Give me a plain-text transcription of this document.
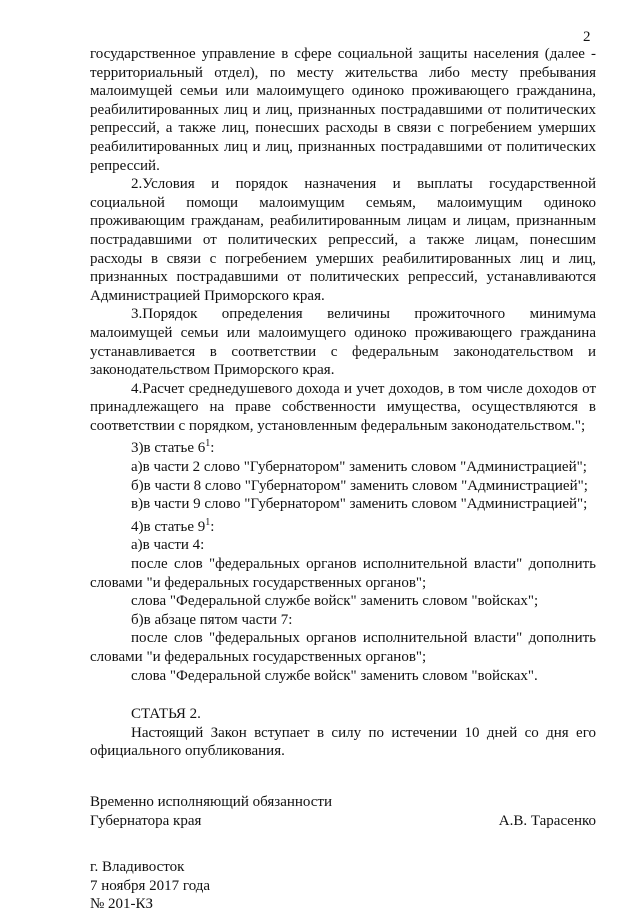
2

государственное управление в сфере социальной защиты населения (далее - территориальный отдел), по месту жительства либо месту пребывания малоимущей семьи или малоимущего одиноко проживающего гражданина, реабилитированных лиц и лиц, признанных пострадавшими от политических репрессий, а также лиц, понесших расходы в связи с погребением умерших реабилитированных лиц и лиц, признанных пострадавшими от политических репрессий.

2.Условия и порядок назначения и выплаты государственной социальной помощи малоимущим семьям, малоимущим одиноко проживающим гражданам, реабилитированным лицам и лицам, признанным пострадавшими от политических репрессий, а также лицам, понесшим расходы в связи с погребением умерших реабилитированных лиц и лиц, признанных пострадавшими от политических репрессий, устанавливаются Администрацией Приморского края.

3.Порядок определения величины прожиточного минимума малоимущей семьи или малоимущего одиноко проживающего гражданина устанавливается в соответствии с федеральным законодательством и законодательством Приморского края.

4.Расчет среднедушевого дохода и учет доходов, в том числе доходов от принадлежащего на праве собственности имущества, осуществляются в соответствии с порядком, установленным федеральным законодательством.";

3)в статье $6^1$:

а)в части 2 слово "Губернатором" заменить словом "Администрацией";

б)в части 8 слово "Губернатором" заменить словом "Администрацией";

в)в части 9 слово "Губернатором" заменить словом "Администрацией";

4)в статье $9^1$:

а)в части 4:

после слов "федеральных органов исполнительной власти" дополнить словами "и федеральных государственных органов";

слова "Федеральной службе войск" заменить словом "войсках";

б)в абзаце пятом части 7:

после слов "федеральных органов исполнительной власти" дополнить словами "и федеральных государственных органов";

слова "Федеральной службе войск" заменить словом "войсках".

СТАТЬЯ 2.

Настоящий Закон вступает в силу по истечении 10 дней со дня его официального опубликования.

Временно исполняющий обязанности

Губернатора края	А.В. Тарасенко

г. Владивосток

7 ноября 2017 года

№ 201-КЗ
